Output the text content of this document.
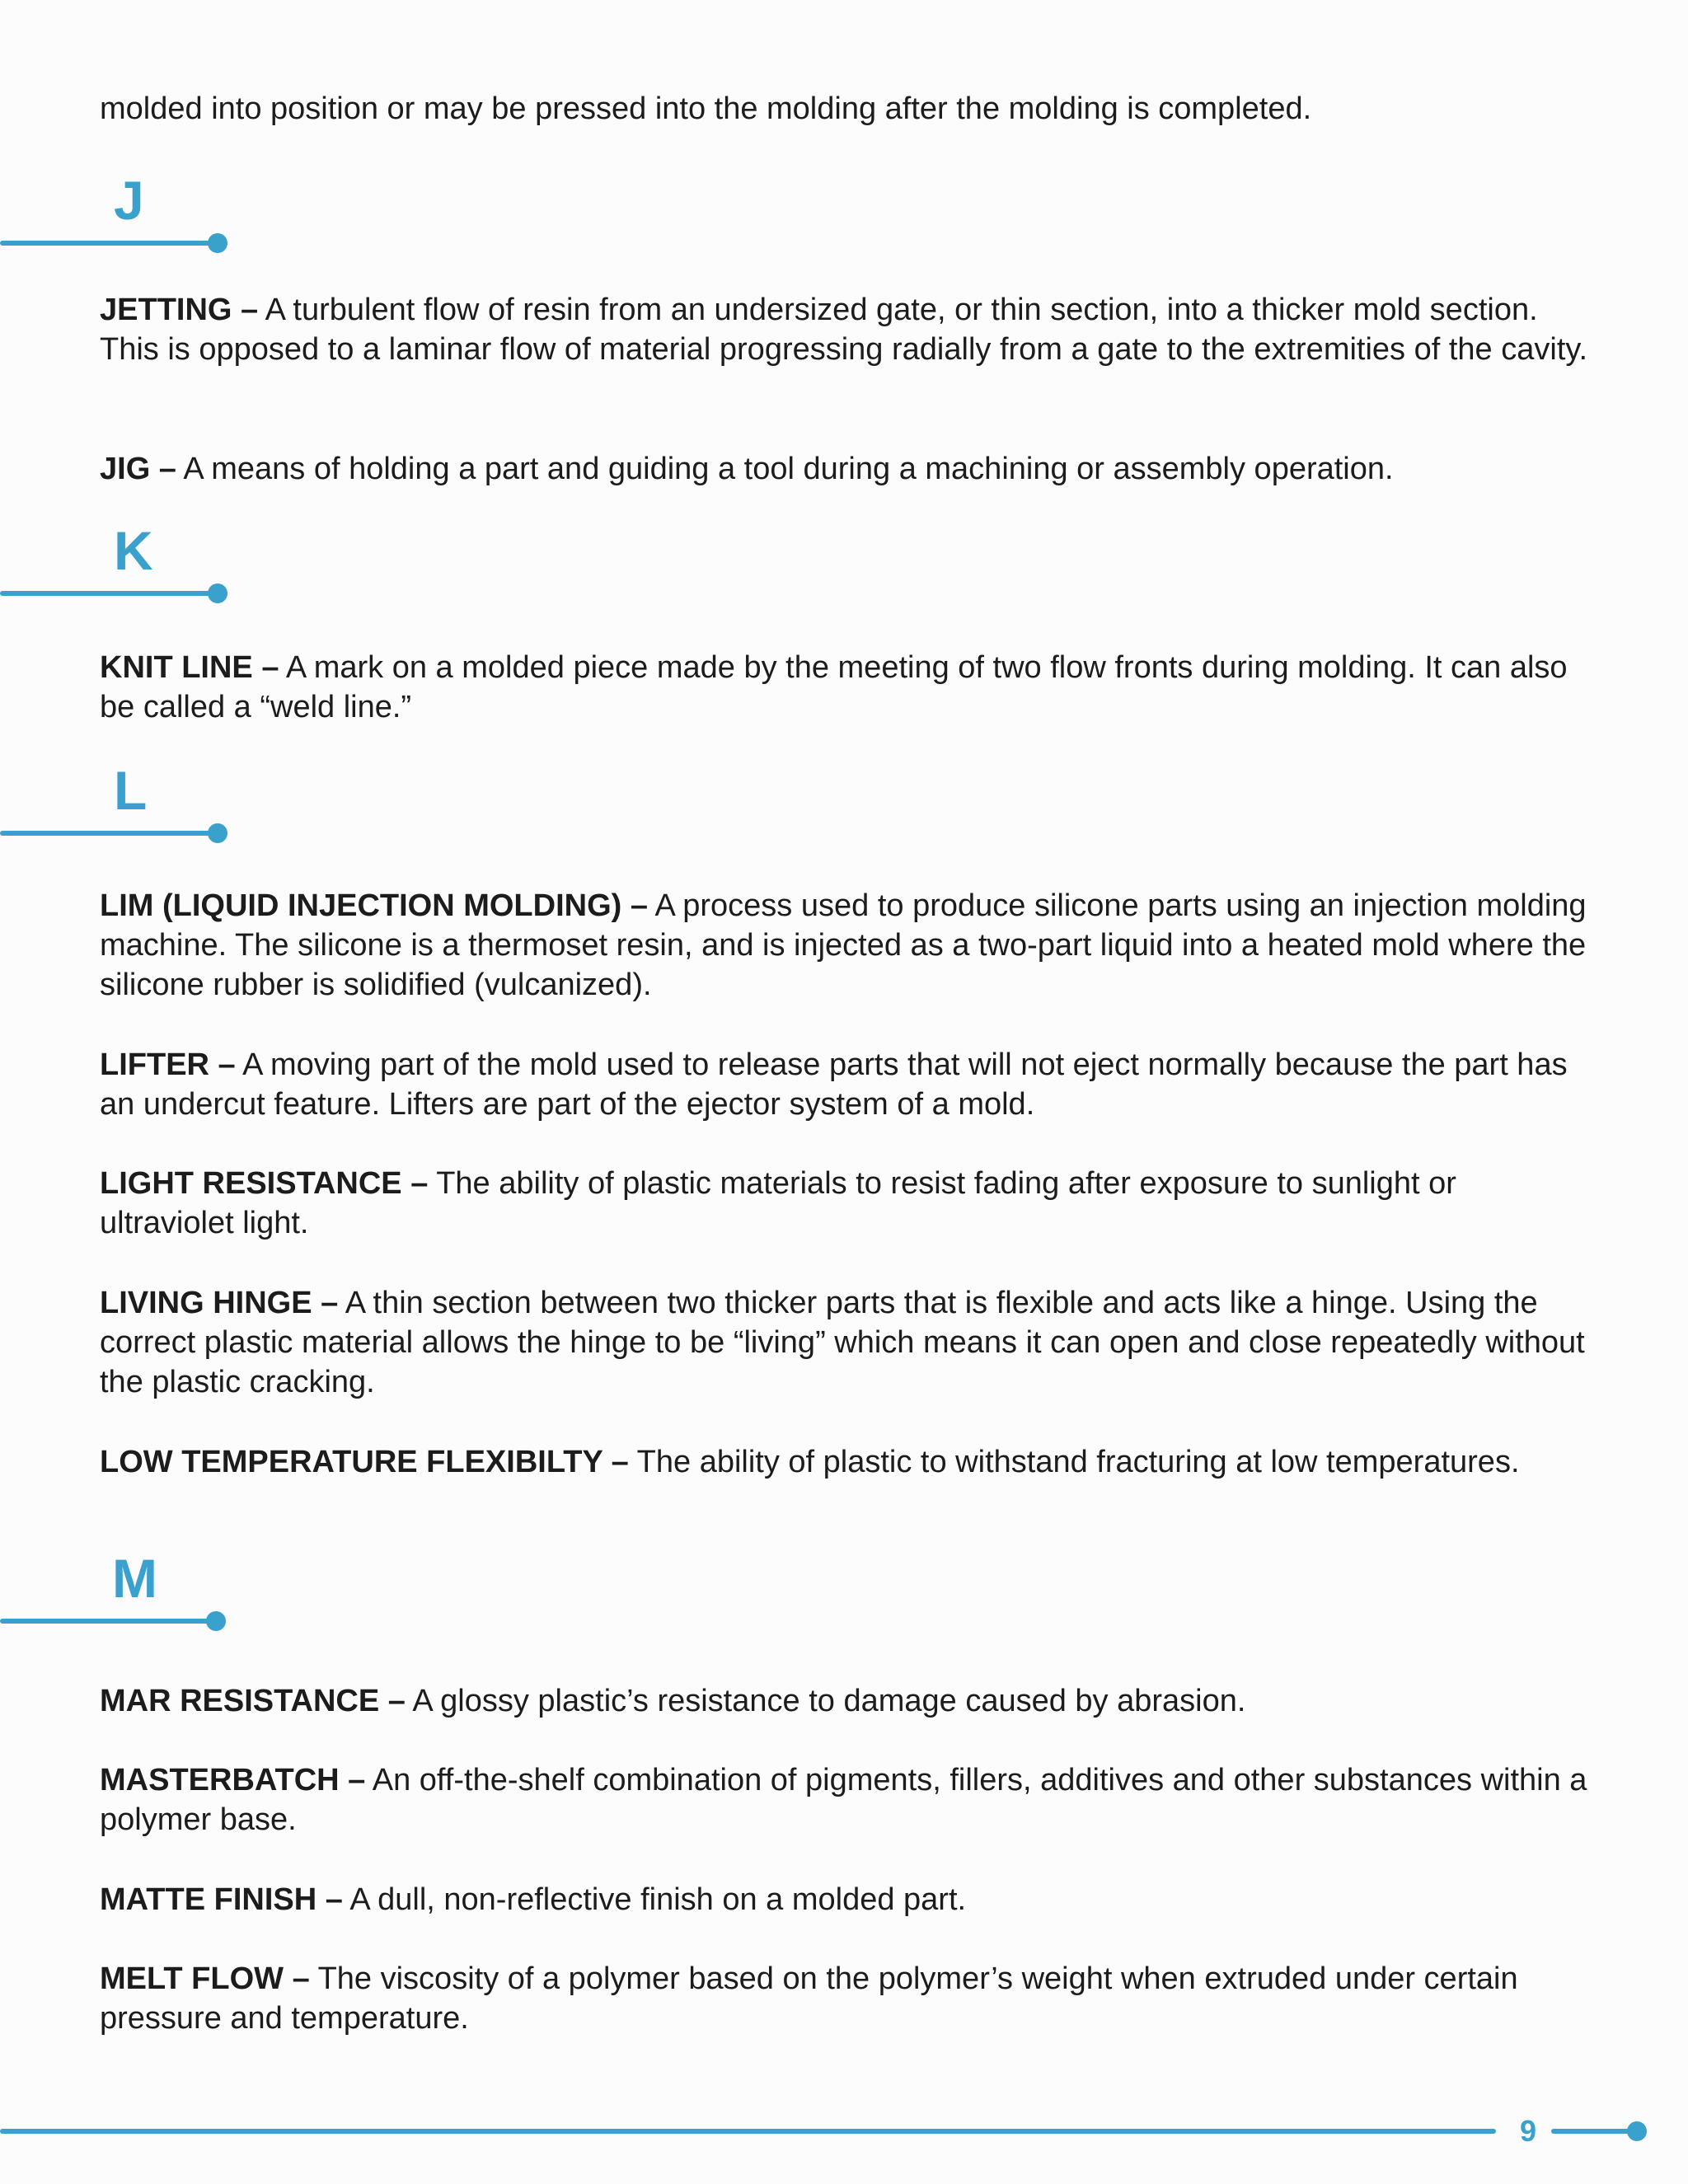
molded into position or may be pressed into the molding after the molding is completed.

J

JETTING – A turbulent flow of resin from an undersized gate, or thin section, into a thicker mold section. This is opposed to a laminar flow of material progressing radially from a gate to the extremities of the cavity.

JIG – A means of holding a part and guiding a tool during a machining or assembly operation.

K

KNIT LINE – A mark on a molded piece made by the meeting of two flow fronts during molding. It can also be called a “weld line.”

L

LIM (LIQUID INJECTION MOLDING) – A process used to produce silicone parts using an injection molding machine. The silicone is a thermoset resin, and is injected as a two-part liquid into a heated mold where the silicone rubber is solidified (vulcanized).

LIFTER – A moving part of the mold used to release parts that will not eject normally because the part has an undercut feature. Lifters are part of the ejector system of a mold.

LIGHT RESISTANCE – The ability of plastic materials to resist fading after exposure to sunlight or ultraviolet light.

LIVING HINGE – A thin section between two thicker parts that is flexible and acts like a hinge. Using the correct plastic material allows the hinge to be “living” which means it can open and close repeatedly without the plastic cracking.

LOW TEMPERATURE FLEXIBILTY – The ability of plastic to withstand fracturing at low temperatures.

M

MAR RESISTANCE – A glossy plastic’s resistance to damage caused by abrasion.

MASTERBATCH – An off-the-shelf combination of pigments, fillers, additives and other substances within a polymer base.

MATTE FINISH – A dull, non-reflective finish on a molded part.

MELT FLOW – The viscosity of a polymer based on the polymer’s weight when extruded under certain pressure and temperature.

9
